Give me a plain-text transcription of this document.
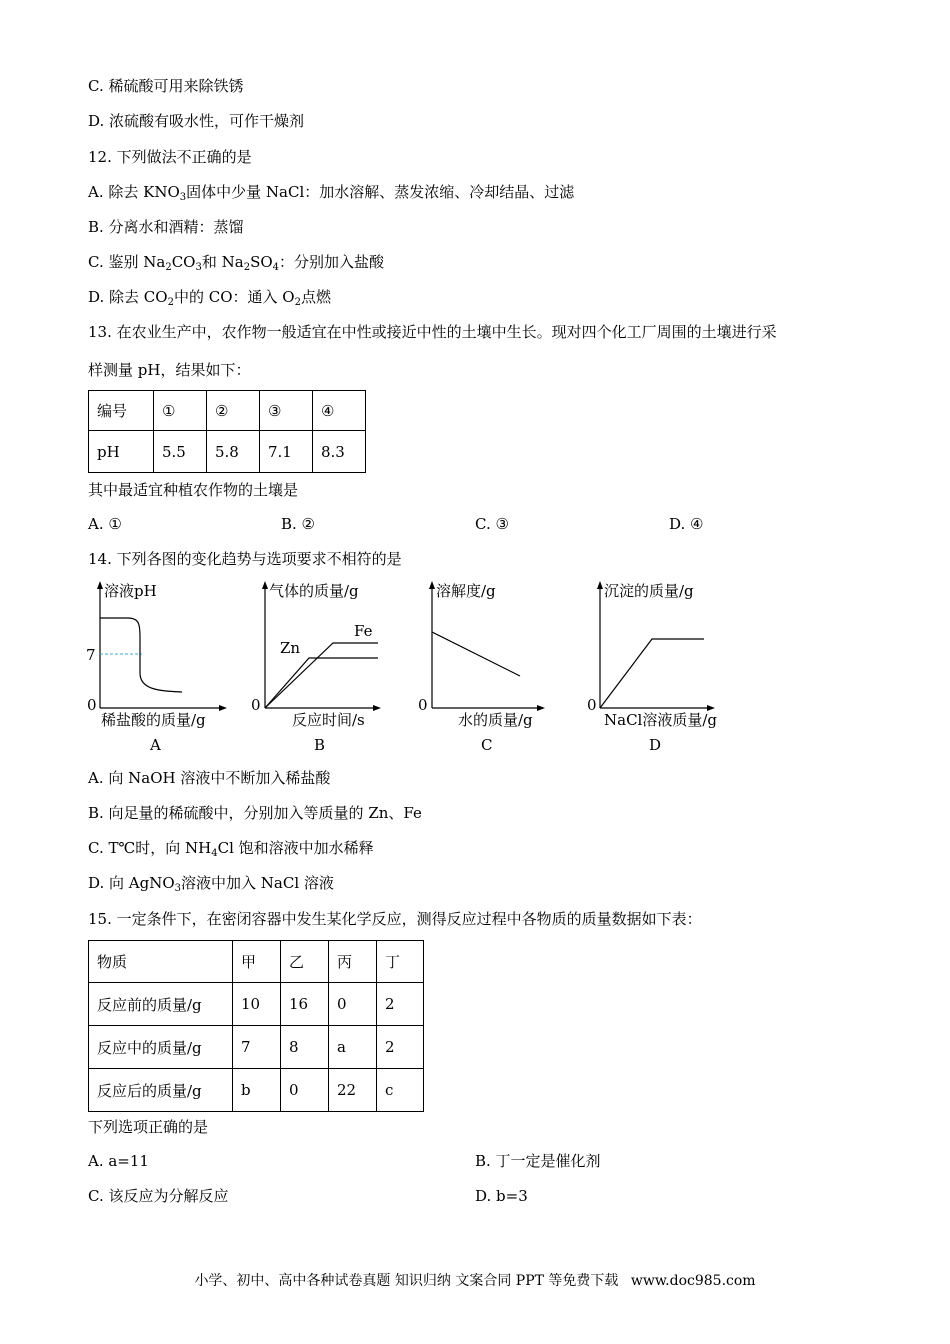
C. 稀硫酸可用来除铁锈
D. 浓硫酸有吸水性，可作干燥剂
12. 下列做法不正确的是
A. 除去 $KNO_3$固体中少量 NaCl：加水溶解、蒸发浓缩、冷却结晶、过滤
B. 分离水和酒精：蒸馏
C. 鉴别 $Na_2CO_3$和 $Na_2SO_4$：分别加入盐酸
D. 除去 $CO_2$中的 CO：通入 $O_2$点燃
13. 在农业生产中，农作物一般适宜在中性或接近中性的土壤中生长。现对四个化工厂周围的土壤进行采
样测量 pH，结果如下：
编号	①	②	③	④
pH	5.5	5.8	7.1	8.3
其中最适宜种植农作物的土壤是
A. ①	B. ②	C. ③	D. ④
14. 下列各图的变化趋势与选项要求不相符的是
溶液pH
7
0
稀盐酸的质量/g
A
气体的质量/g
Zn
Fe
0
反应时间/s
B
溶解度/g
0
水的质量/g
C
沉淀的质量/g
0
NaCl溶液质量/g
D
A. 向 NaOH 溶液中不断加入稀盐酸
B. 向足量的稀硫酸中，分别加入等质量的 Zn、Fe
C. T℃时，向 $NH_4Cl$ 饱和溶液中加水稀释
D. 向 AgNO$_3$溶液中加入 NaCl 溶液
15. 一定条件下，在密闭容器中发生某化学反应，测得反应过程中各物质的质量数据如下表：
物质	甲	乙	丙	丁
反应前的质量/g	10	16	0	2
反应中的质量/g	7	8	a	2
反应后的质量/g	b	0	22	c
下列选项正确的是
A. a=11	B. 丁一定是催化剂
C. 该反应为分解反应	D. b=3
小学、初中、高中各种试卷真题 知识归纳 文案合同 PPT 等免费下载 www.doc985.com
